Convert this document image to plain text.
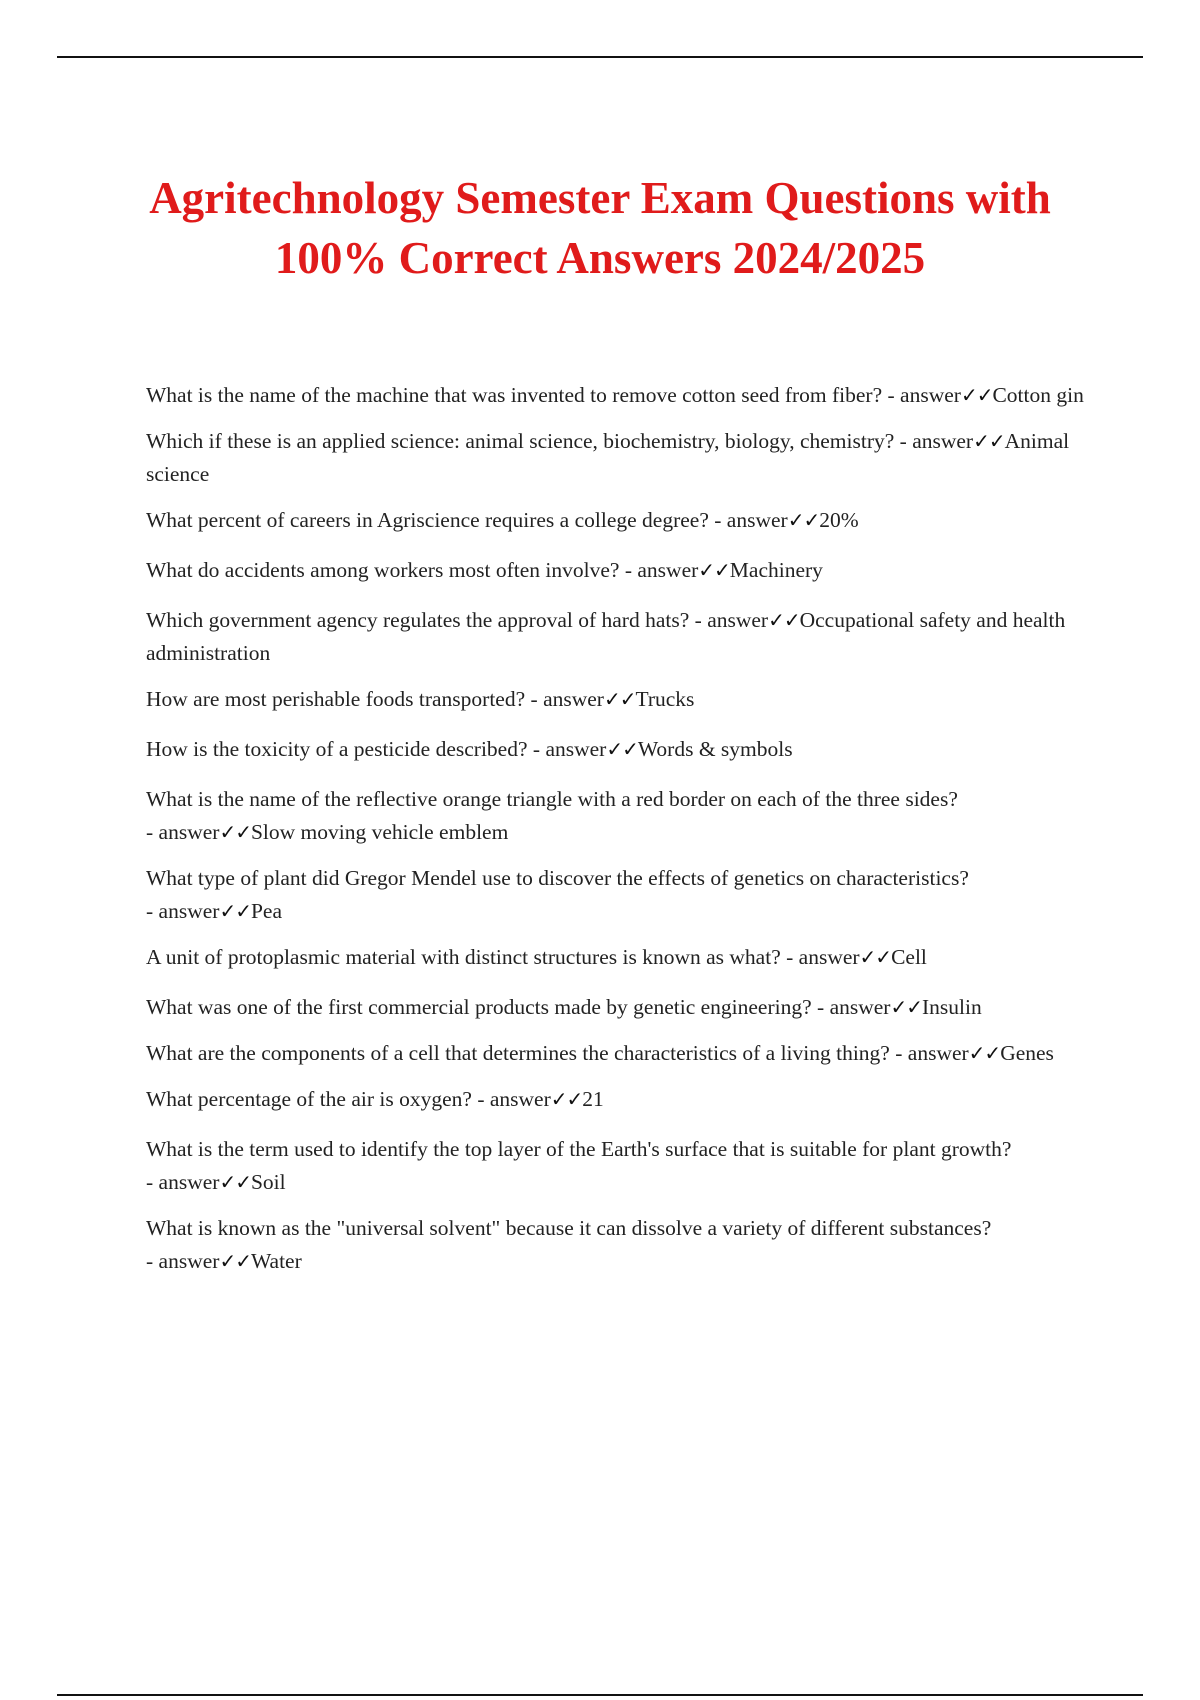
Agritechnology Semester Exam Questions with 100% Correct Answers 2024/2025
What is the name of the machine that was invented to remove cotton seed from fiber? - answer✓✓Cotton gin
Which if these is an applied science: animal science, biochemistry, biology, chemistry? - answer✓✓Animal science
What percent of careers in Agriscience requires a college degree? - answer✓✓20%
What do accidents among workers most often involve? - answer✓✓Machinery
Which government agency regulates the approval of hard hats? - answer✓✓Occupational safety and health administration
How are most perishable foods transported? - answer✓✓Trucks
How is the toxicity of a pesticide described? - answer✓✓Words & symbols
What is the name of the reflective orange triangle with a red border on each of the three sides? - answer✓✓Slow moving vehicle emblem
What type of plant did Gregor Mendel use to discover the effects of genetics on characteristics? - answer✓✓Pea
A unit of protoplasmic material with distinct structures is known as what? - answer✓✓Cell
What was one of the first commercial products made by genetic engineering? - answer✓✓Insulin
What are the components of a cell that determines the characteristics of a living thing? - answer✓✓Genes
What percentage of the air is oxygen? - answer✓✓21
What is the term used to identify the top layer of the Earth's surface that is suitable for plant growth? - answer✓✓Soil
What is known as the "universal solvent" because it can dissolve a variety of different substances? - answer✓✓Water
